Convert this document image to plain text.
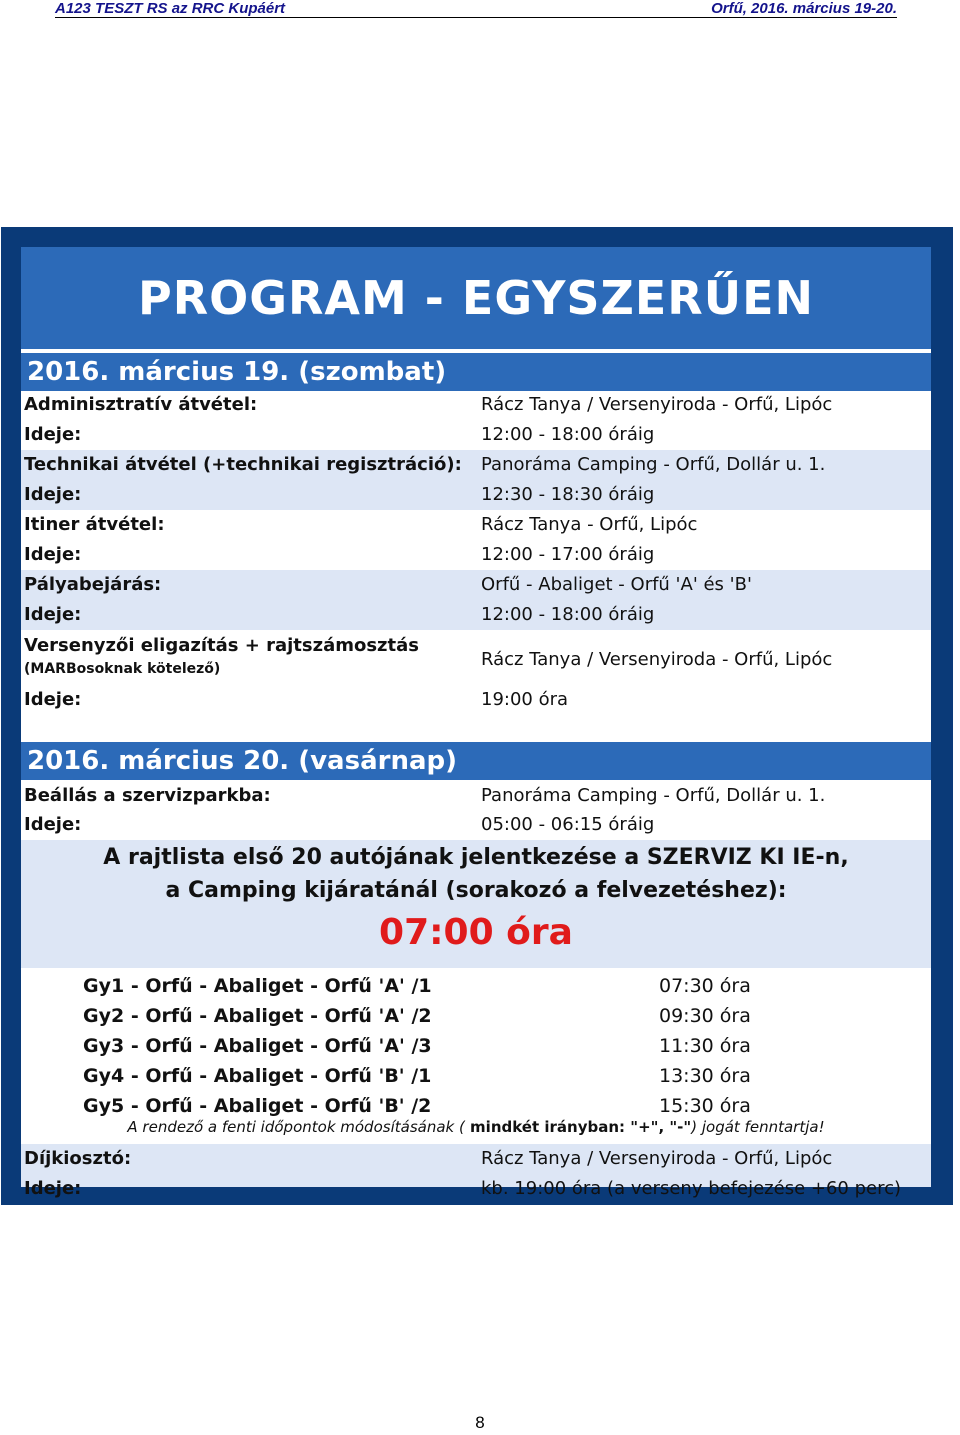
A123 TESZT RS az RRC Kupáért	Orfű, 2016. március 19-20.
PROGRAM - EGYSZERŰEN
2016. március 19. (szombat)
Adminisztratív átvétel:	Rácz Tanya / Versenyiroda - Orfű, Lipóc
Ideje:	12:00 - 18:00 óráig
Technikai átvétel (+technikai regisztráció): Panoráma Camping - Orfű, Dollár u. 1.
Ideje:	12:30 - 18:30 óráig
Itiner átvétel:	Rácz Tanya - Orfű, Lipóc
Ideje:	12:00 - 17:00 óráig
Pályabejárás:	Orfű - Abaliget - Orfű 'A' és 'B'
Ideje:	12:00 - 18:00 óráig
Versenyzői eligazítás + rajtszámosztás
(MARBosoknak kötelező)	Rácz Tanya / Versenyiroda - Orfű, Lipóc
Ideje:	19:00 óra
2016. március 20. (vasárnap)
Beállás a szervizparkba:	Panoráma Camping - Orfű, Dollár u. 1.
Ideje:	05:00 - 06:15 óráig
A rajtlista első 20 autójának jelentkezése a SZERVIZ KI IE-n,
a Camping kijáratánál (sorakozó a felvezetéshez):
07:00 óra
Gy1 - Orfű - Abaliget - Orfű 'A' /1	07:30 óra
Gy2 - Orfű - Abaliget - Orfű 'A' /2	09:30 óra
Gy3 - Orfű - Abaliget - Orfű 'A' /3	11:30 óra
Gy4 - Orfű - Abaliget - Orfű 'B' /1	13:30 óra
Gy5 - Orfű - Abaliget - Orfű 'B' /2	15:30 óra
A rendező a fenti időpontok módosításának ( mindkét irányban: "+", "-") jogát fenntartja!
Díjkiosztó:	Rácz Tanya / Versenyiroda - Orfű, Lipóc
Ideje:	kb. 19:00 óra (a verseny befejezése +60 perc)
8
